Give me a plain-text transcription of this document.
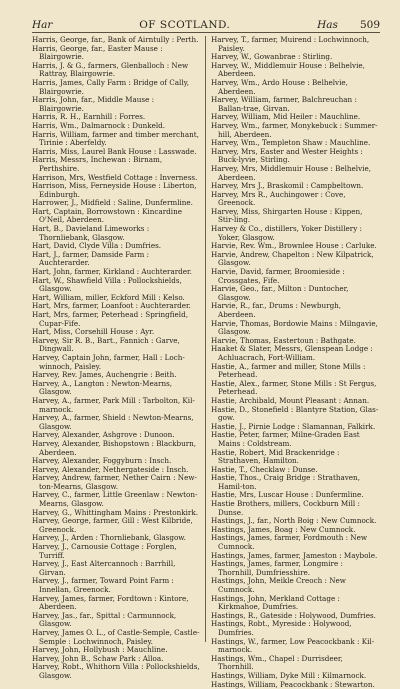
Har	OF SCOTLAND.	Has 509

Harris, George, far., Bank of Airntully : Perth.

Harris, George, far., Easter Mause : Blairgowrie.

Harris, J. & G., farmers, Glenballoch : New Rattray, Blairgowrie.

Harris, James, Cally Farm : Bridge of Cally, Blairgowrie.

Harris, John, far., Middle Mause : Blairgowrie.

Harris, R. H., Earnhill : Forres.

Harris, Wm., Dalmarnock : Dunkeld.

Harris, William, farmer and timber merchant, Tirinie : Aberfeldy.

Harris, Miss, Laurel Bank House : Lasswade.

Harris, Messrs, Inchewan : Birnam, Perthshire.

Harrison, Mrs, Westfield Cottage : Inverness.

Harrison, Miss, Ferneyside House : Liberton, Edinburgh.

Harrower, J., Midfield : Saline, Dunfermline.

Hart, Captain, Borrowstown : Kincardine O'Neil, Aberdeen.

Hart, B., Davieland Limeworks : Thornliebank, Glasgow.

Hart, David, Clyde Villa : Dumfries.

Hart, J., farmer, Damside Farm : Auchterarder.

Hart, John, farmer, Kirkland : Auchterarder.

Hart, W., Shawfield Villa : Pollockshields, Glasgow.

Hart, William, miller, Eckford Mill : Kelso.

Hart, Mrs, farmer, Loanfoot : Auchterarder.

Hart, Mrs, farmer, Peterhead : Springfield, Cupar-Fife.

Hart, Miss, Corsehill House : Ayr.

Harvey, Sir R. B., Bart., Fannich : Garve, Dingwall.

Harvey, Captain John, farmer, Hall : Loch-winnoch, Paisley.

Harvey, Rev. James, Auchengrie : Beith.

Harvey, A., Langton : Newton-Mearns, Glasgow.

Harvey, A., farmer, Park Mill : Tarbolton, Kil-marnock.

Harvey, A., farmer, Shield : Newton-Mearns, Glasgow.

Harvey, Alexander, Ashgrove : Dunoon.

Harvey, Alexander, Bishopstown : Blackburn, Aberdeen.

Harvey, Alexander, Foggyburn : Insch.

Harvey, Alexander, Nethergateside : Insch.

Harvey, Andrew, farmer, Nether Cairn : New-ton-Mearns, Glasgow.

Harvey, C., farmer, Little Greenlaw : Newton-Mearns, Glasgow.

Harvey, G., Whittingham Mains : Prestonkirk.

Harvey, George, farmer, Gill : West Kilbride, Greenock.

Harvey, J., Arden : Thornliebank, Glasgow.

Harvey, J., Carnousie Cottage : Forglen, Turriff.

Harvey, J., East Altercannoch : Barrhill, Girvan.

Harvey, J., farmer, Toward Point Farm : Innellan, Greenock.

Harvey, James, farmer, Fordtown : Kintore, Aberdeen.

Harvey, Jas., far., Spittal : Carmunnock, Glasgow.

Harvey, James O. L., of Castle-Semple, Castle-Semple : Lochwinnoch, Paisley.

Harvey, John, Hollybush : Mauchline.

Harvey, John B., Schaw Park : Alloa.

Harvey, Robt., Whithorn Villa : Pollockshields, Glasgow.

Harvey, T., farmer, Muirend : Lochwinnoch, Paisley.

Harvey, W., Gowanbrae : Stirling.

Harvey, W., Middlemuir House : Belhelvie, Aberdeen.

Harvey, Wm., Ardo House : Belhelvie, Aberdeen.

Harvey, William, farmer, Balchreuchan : Ballan-trae, Girvan.

Harvey, William, Mid Heiler : Mauchline.

Harvey, Wm., farmer, Monykebuck : Summer-hill, Aberdeen.

Harvey, Wm., Templeton Shaw : Mauchline.

Harvey, Mrs, Easter and Wester Heights : Buck-lyvie, Stirling.

Harvey, Mrs, Middlemuir House : Belhelvie, Aberdeen.

Harvey, Mrs J., Braskomil : Campbeltown.

Harvey, Mrs R., Auchingower : Cove, Greenock.

Harvey, Miss, Shirgarten House : Kippen, Stir-ling.

Harvey & Co., distillers, Yoker Distillery : Yoker, Glasgow.

Harvie, Rev. Wm., Brownlee House : Carluke.

Harvie, Andrew, Chapelton : New Kilpatrick, Glasgow.

Harvie, David, farmer, Broomieside : Crossgates, Fife.

Harvie, Geo., far., Milton : Duntocher, Glasgow.

Harvie, R., far., Drums : Newburgh, Aberdeen.

Harvie, Thomas, Bordowie Mains : Milngavie, Glasgow.

Harvie, Thomas, Eastertoun : Bathgate.

Haaket & Slater, Messrs, Glenspean Lodge : Achluacrach, Fort-William.

Hastie, A., farmer and miller, Stone Mills : Peterhead.

Hastie, Alex., farmer, Stone Mills : St Fergus, Peterhead.

Hastie, Archibald, Mount Pleasant : Annan.

Hastie, D., Stonefield : Blantyre Station, Glas-gow.

Hastie, J., Pirnie Lodge : Slamannan, Falkirk.

Hastie, Peter, farmer, Milne-Graden East Mains : Coldstream.

Hastie, Robert, Mid Brackenridge : Strathaven, Hamilton.

Hastie, T., Checklaw : Dunse.

Hastie, Thos., Craig Bridge : Strathaven, Hamil-ton.

Hastie, Mrs, Luscar House : Dunfermline.

Hastie Brothers, millers, Cockburn Mill : Dunse.

Hastings, J., far., North Boig : New Cumnock.

Hastings, James, Boag : New Cumnock.

Hastings, James, farmer, Fordmouth : New Cumnock.

Hastings, James, farmer, Jameston : Maybole.

Hastings, James, farmer, Longmire : Thornhill, Dumfriesshire.

Hastings, John, Meikle Creoch : New Cumnock.

Hastings, John, Merkland Cottage : Kirkmahoe, Dumfries.

Hastings, R., Gateside : Holywood, Dumfries.

Hastings, Robt., Myreside : Holywood, Dumfries.

Hastings, W., farmer, Low Peacockbank : Kil-marnock.

Hastings, Wm., Chapel : Durrisdeer, Thornhill.

Hastings, William, Dyke Mill : Kilmarnock.

Hastings, William, Peacockbank : Stewarton.
